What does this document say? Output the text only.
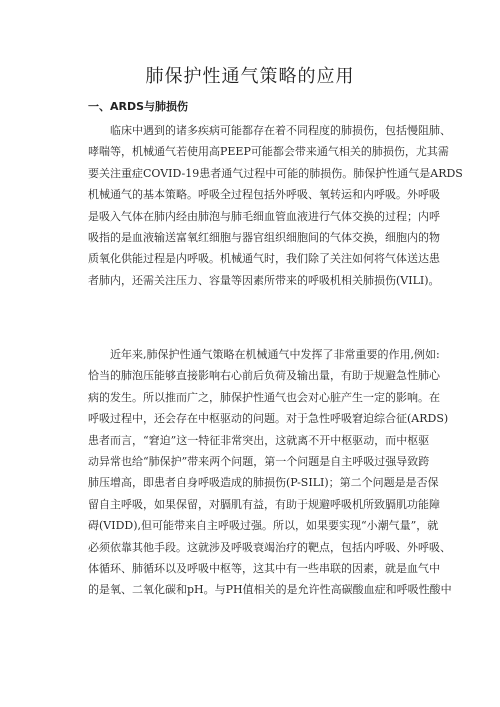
肺保护性通气策略的应用
一、ARDS与肺损伤
　　临床中遇到的诸多疾病可能都存在着不同程度的肺损伤，包括慢阻肺、
哮喘等，机械通气若使用高PEEP可能都会带来通气相关的肺损伤，尤其需
要关注重症COVID-19患者通气过程中可能的肺损伤。肺保护性通气是ARDS
机械通气的基本策略。呼吸全过程包括外呼吸、氧转运和内呼吸。外呼吸
是吸入气体在肺内经由肺泡与肺毛细血管血液进行气体交换的过程；内呼
吸指的是血液输送富氧红细胞与器官组织细胞间的气体交换，细胞内的物
质氧化供能过程是内呼吸。机械通气时，我们除了关注如何将气体送达患
者肺内，还需关注压力、容量等因素所带来的呼吸机相关肺损伤(VILI)。
　　近年来,肺保护性通气策略在机械通气中发挥了非常重要的作用,例如:
恰当的肺泡压能够直接影响右心前后负荷及输出量，有助于规避急性肺心
病的发生。所以推而广之，肺保护性通气也会对心脏产生一定的影响。在
呼吸过程中，还会存在中枢驱动的问题。对于急性呼吸窘迫综合征(ARDS)
患者而言，“窘迫”这一特征非常突出，这就离不开中枢驱动，而中枢驱
动异常也给“肺保护”带来两个问题，第一个问题是自主呼吸过强导致跨
肺压增高，即患者自身呼吸造成的肺损伤(P-SILI)；第二个问题是是否保
留自主呼吸，如果保留，对膈肌有益，有助于规避呼吸机所致膈肌功能障
碍(VIDD),但可能带来自主呼吸过强。所以，如果要实现“小潮气量”，就
必须依靠其他手段。这就涉及呼吸衰竭治疗的靶点，包括内呼吸、外呼吸、
体循环、肺循环以及呼吸中枢等，这其中有一些串联的因素，就是血气中
的是氧、二氧化碳和pH。与PH值相关的是允许性高碳酸血症和呼吸性酸中
